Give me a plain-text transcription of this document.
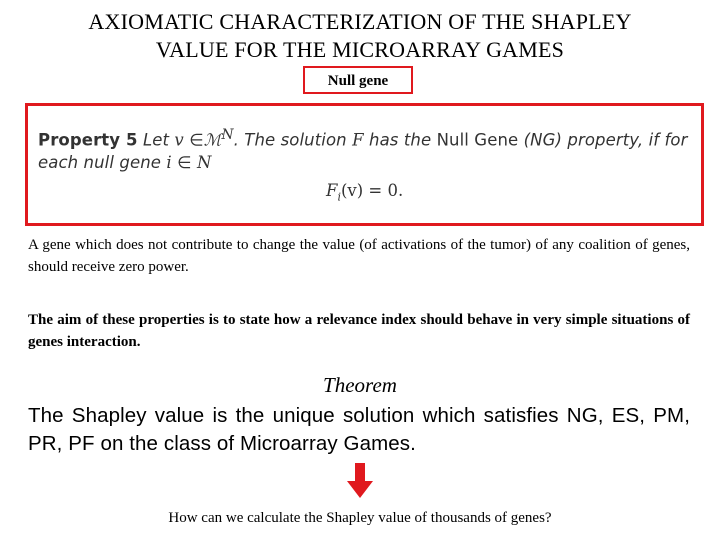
AXIOMATIC CHARACTERIZATION OF THE SHAPLEY
VALUE FOR THE MICROARRAY GAMES
Null gene
Property 5 Let v ∈ℳ$^N$. The solution F has the Null Gene (NG) property, if for
each null gene i ∈ N
$F_i(v) = 0$.
A gene which does not contribute to change the value (of activations of the tumor) of any coalition of genes, should receive zero power.
The aim of these properties is to state how a relevance index should behave in very simple situations of genes interaction.
Theorem
The Shapley value is the unique solution which satisfies NG, ES, PM, PR, PF on the class of Microarray Games.
How can we calculate the Shapley value of thousands of genes?
